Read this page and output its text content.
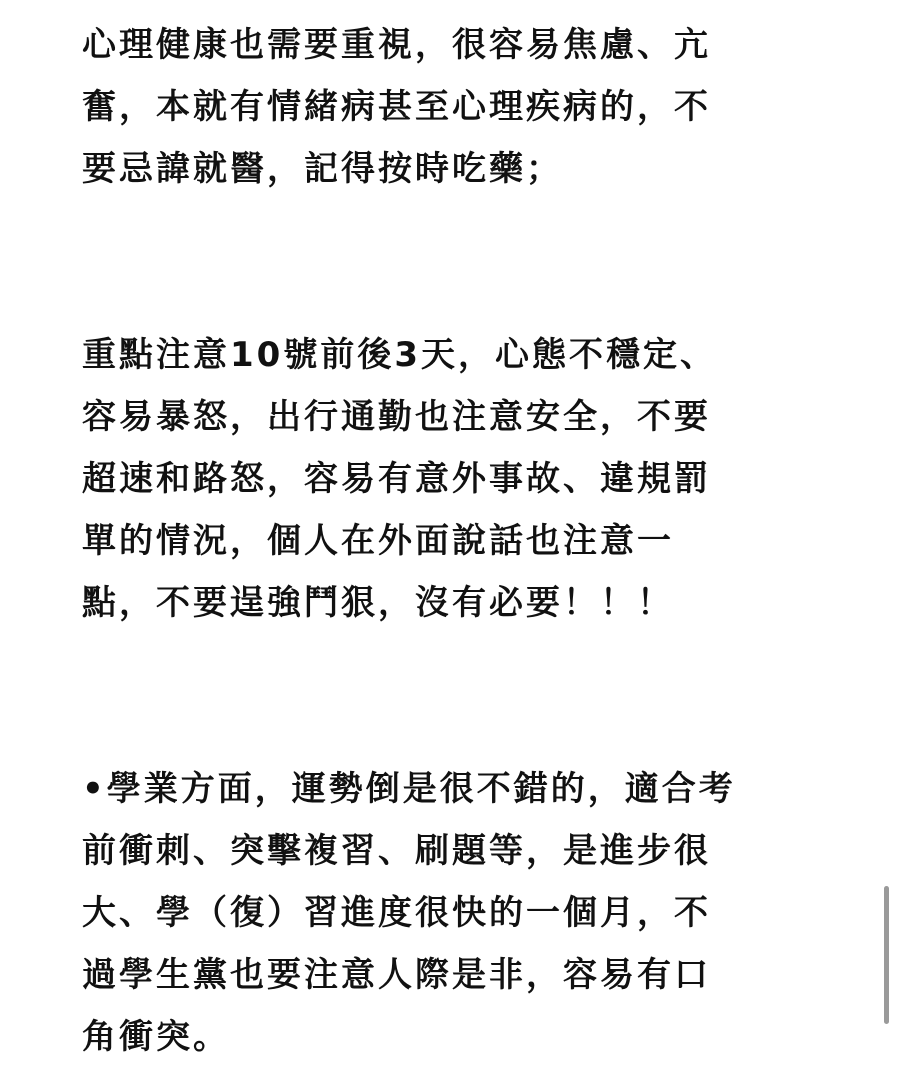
心理健康也需要重視，很容易焦慮、亢
奮，本就有情緒病甚至心理疾病的，不
要忌諱就醫，記得按時吃藥；
重點注意10號前後3天，心態不穩定、
容易暴怒，出行通勤也注意安全，不要
超速和路怒，容易有意外事故、違規罰
單的情況，個人在外面說話也注意一
點，不要逞強鬥狠，沒有必要！！！
•學業方面，運勢倒是很不錯的，適合考
前衝刺、突擊複習、刷題等，是進步很
大、學（復）習進度很快的一個月，不
過學生黨也要注意人際是非，容易有口
角衝突。
